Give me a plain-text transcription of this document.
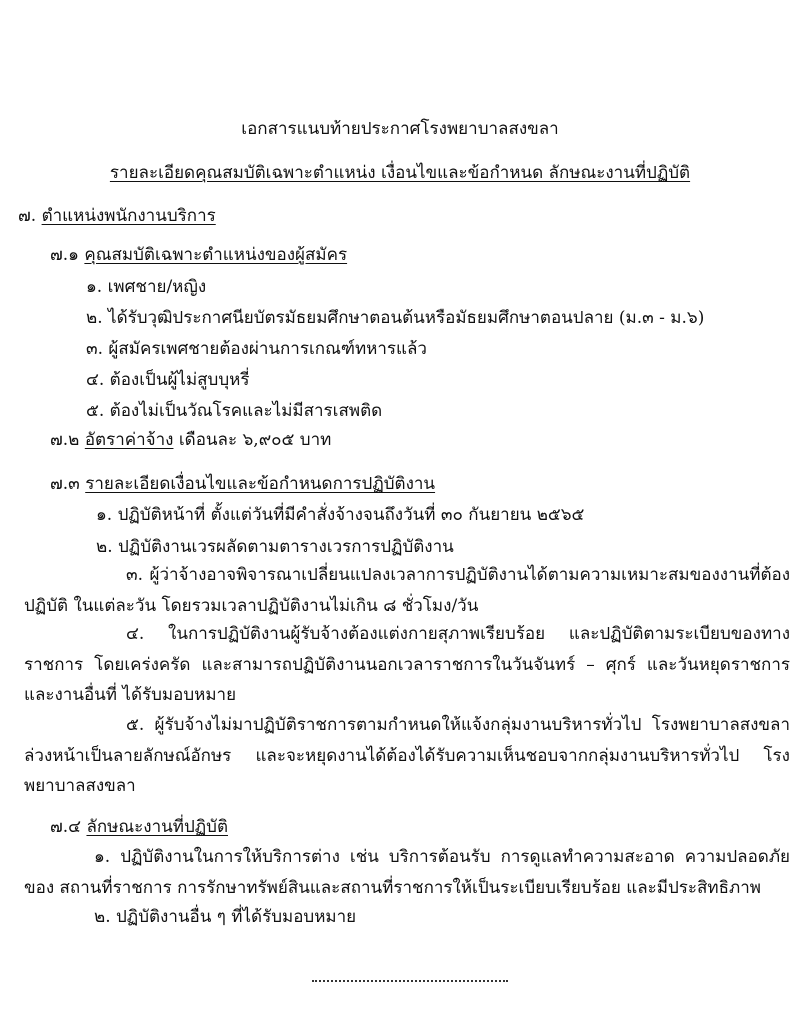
เอกสารแนบท้ายประกาศโรงพยาบาลสงขลา
รายละเอียดคุณสมบัติเฉพาะตำแหน่ง เงื่อนไขและข้อกำหนด ลักษณะงานที่ปฏิบัติ
๗. ตำแหน่งพนักงานบริการ
๗.๑ คุณสมบัติเฉพาะตำแหน่งของผู้สมัคร
๑. เพศชาย/หญิง
๒. ได้รับวุฒิประกาศนียบัตรมัธยมศึกษาตอนต้นหรือมัธยมศึกษาตอนปลาย (ม.๓ - ม.๖)
๓. ผู้สมัครเพศชายต้องผ่านการเกณฑ์ทหารแล้ว
๔. ต้องเป็นผู้ไม่สูบบุหรี่
๕. ต้องไม่เป็นวัณโรคและไม่มีสารเสพติด
๗.๒ อัตราค่าจ้าง เดือนละ ๖,๙๐๕ บาท
๗.๓ รายละเอียดเงื่อนไขและข้อกำหนดการปฏิบัติงาน
๑. ปฏิบัติหน้าที่ ตั้งแต่วันที่มีคำสั่งจ้างจนถึงวันที่ ๓๐ กันยายน ๒๕๖๕
๒. ปฏิบัติงานเวรผลัดตามตารางเวรการปฏิบัติงาน
๓. ผู้ว่าจ้างอาจพิจารณาเปลี่ยนแปลงเวลาการปฏิบัติงานได้ตามความเหมาะสมของงานที่ต้องปฏิบัติ ในแต่ละวัน โดยรวมเวลาปฏิบัติงานไม่เกิน ๘ ชั่วโมง/วัน
๔. ในการปฏิบัติงานผู้รับจ้างต้องแต่งกายสุภาพเรียบร้อย และปฏิบัติตามระเบียบของทางราชการ โดยเคร่งครัด และสามารถปฏิบัติงานนอกเวลาราชการในวันจันทร์ – ศุกร์ และวันหยุดราชการ และงานอื่นที่ ได้รับมอบหมาย
๕. ผู้รับจ้างไม่มาปฏิบัติราชการตามกำหนดให้แจ้งกลุ่มงานบริหารทั่วไป โรงพยาบาลสงขลา ล่วงหน้าเป็นลายลักษณ์อักษร และจะหยุดงานได้ต้องได้รับความเห็นชอบจากกลุ่มงานบริหารทั่วไป โรงพยาบาลสงขลา
๗.๔ ลักษณะงานที่ปฏิบัติ
๑. ปฏิบัติงานในการให้บริการต่าง เช่น บริการต้อนรับ การดูแลทำความสะอาด ความปลอดภัยของ สถานที่ราชการ การรักษาทรัพย์สินและสถานที่ราชการให้เป็นระเบียบเรียบร้อย และมีประสิทธิภาพ
๒. ปฏิบัติงานอื่น ๆ ที่ได้รับมอบหมาย
